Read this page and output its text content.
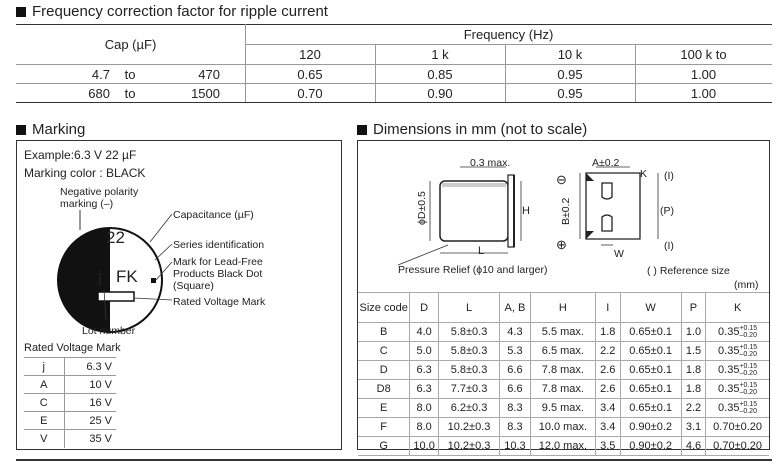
Frequency correction factor for ripple current
Cap (µF)
Frequency (Hz)
120	1 k	10 k	100 k to
4.7	to	470	0.65	0.85	0.95	1.00
680	to	1500	0.70	0.90	0.95	1.00
Marking
Example:6.3 V 22 µF
Marking color : BLACK
Negative polarity
marking (–)
22
j FK
Capacitance (µF)
Series identification
Mark for Lead-Free
Products Black Dot
(Square)
Rated Voltage Mark
Lot number
Rated Voltage Mark
j	6.3 V
A	10 V
C	16 V
E	25 V
V	35 V
Dimensions in mm (not to scale)
0.3 max.
ϕD±0.5	H
L
A±0.2
B±0.2
K
W
(P)
(I)
(I)
⊖
⊕
Pressure Relief (ϕ10 and larger)	( ) Reference size
(mm)
Size code	D	L	A, B	H	I	W	P	K
B	4.0	5.8±0.3	4.3	5.5 max.	1.8	0.65±0.1	1.0	0.35+0.15
–0.20
C	5.0	5.8±0.3	5.3	6.5 max.	2.2	0.65±0.1	1.5	0.35+0.15
–0.20
D	6.3	5.8±0.3	6.6	7.8 max.	2.6	0.65±0.1	1.8	0.35+0.15
–0.20
D8	6.3	7.7±0.3	6.6	7.8 max.	2.6	0.65±0.1	1.8	0.35+0.15
–0.20
E	8.0	6.2±0.3	8.3	9.5 max.	3.4	0.65±0.1	2.2	0.35+0.15
–0.20
F	8.0	10.2±0.3	8.3	10.0 max.	3.4	0.90±0.2	3.1	0.70±0.20
G	10.0	10.2±0.3	10.3	12.0 max.	3.5	0.90±0.2	4.6	0.70±0.20
